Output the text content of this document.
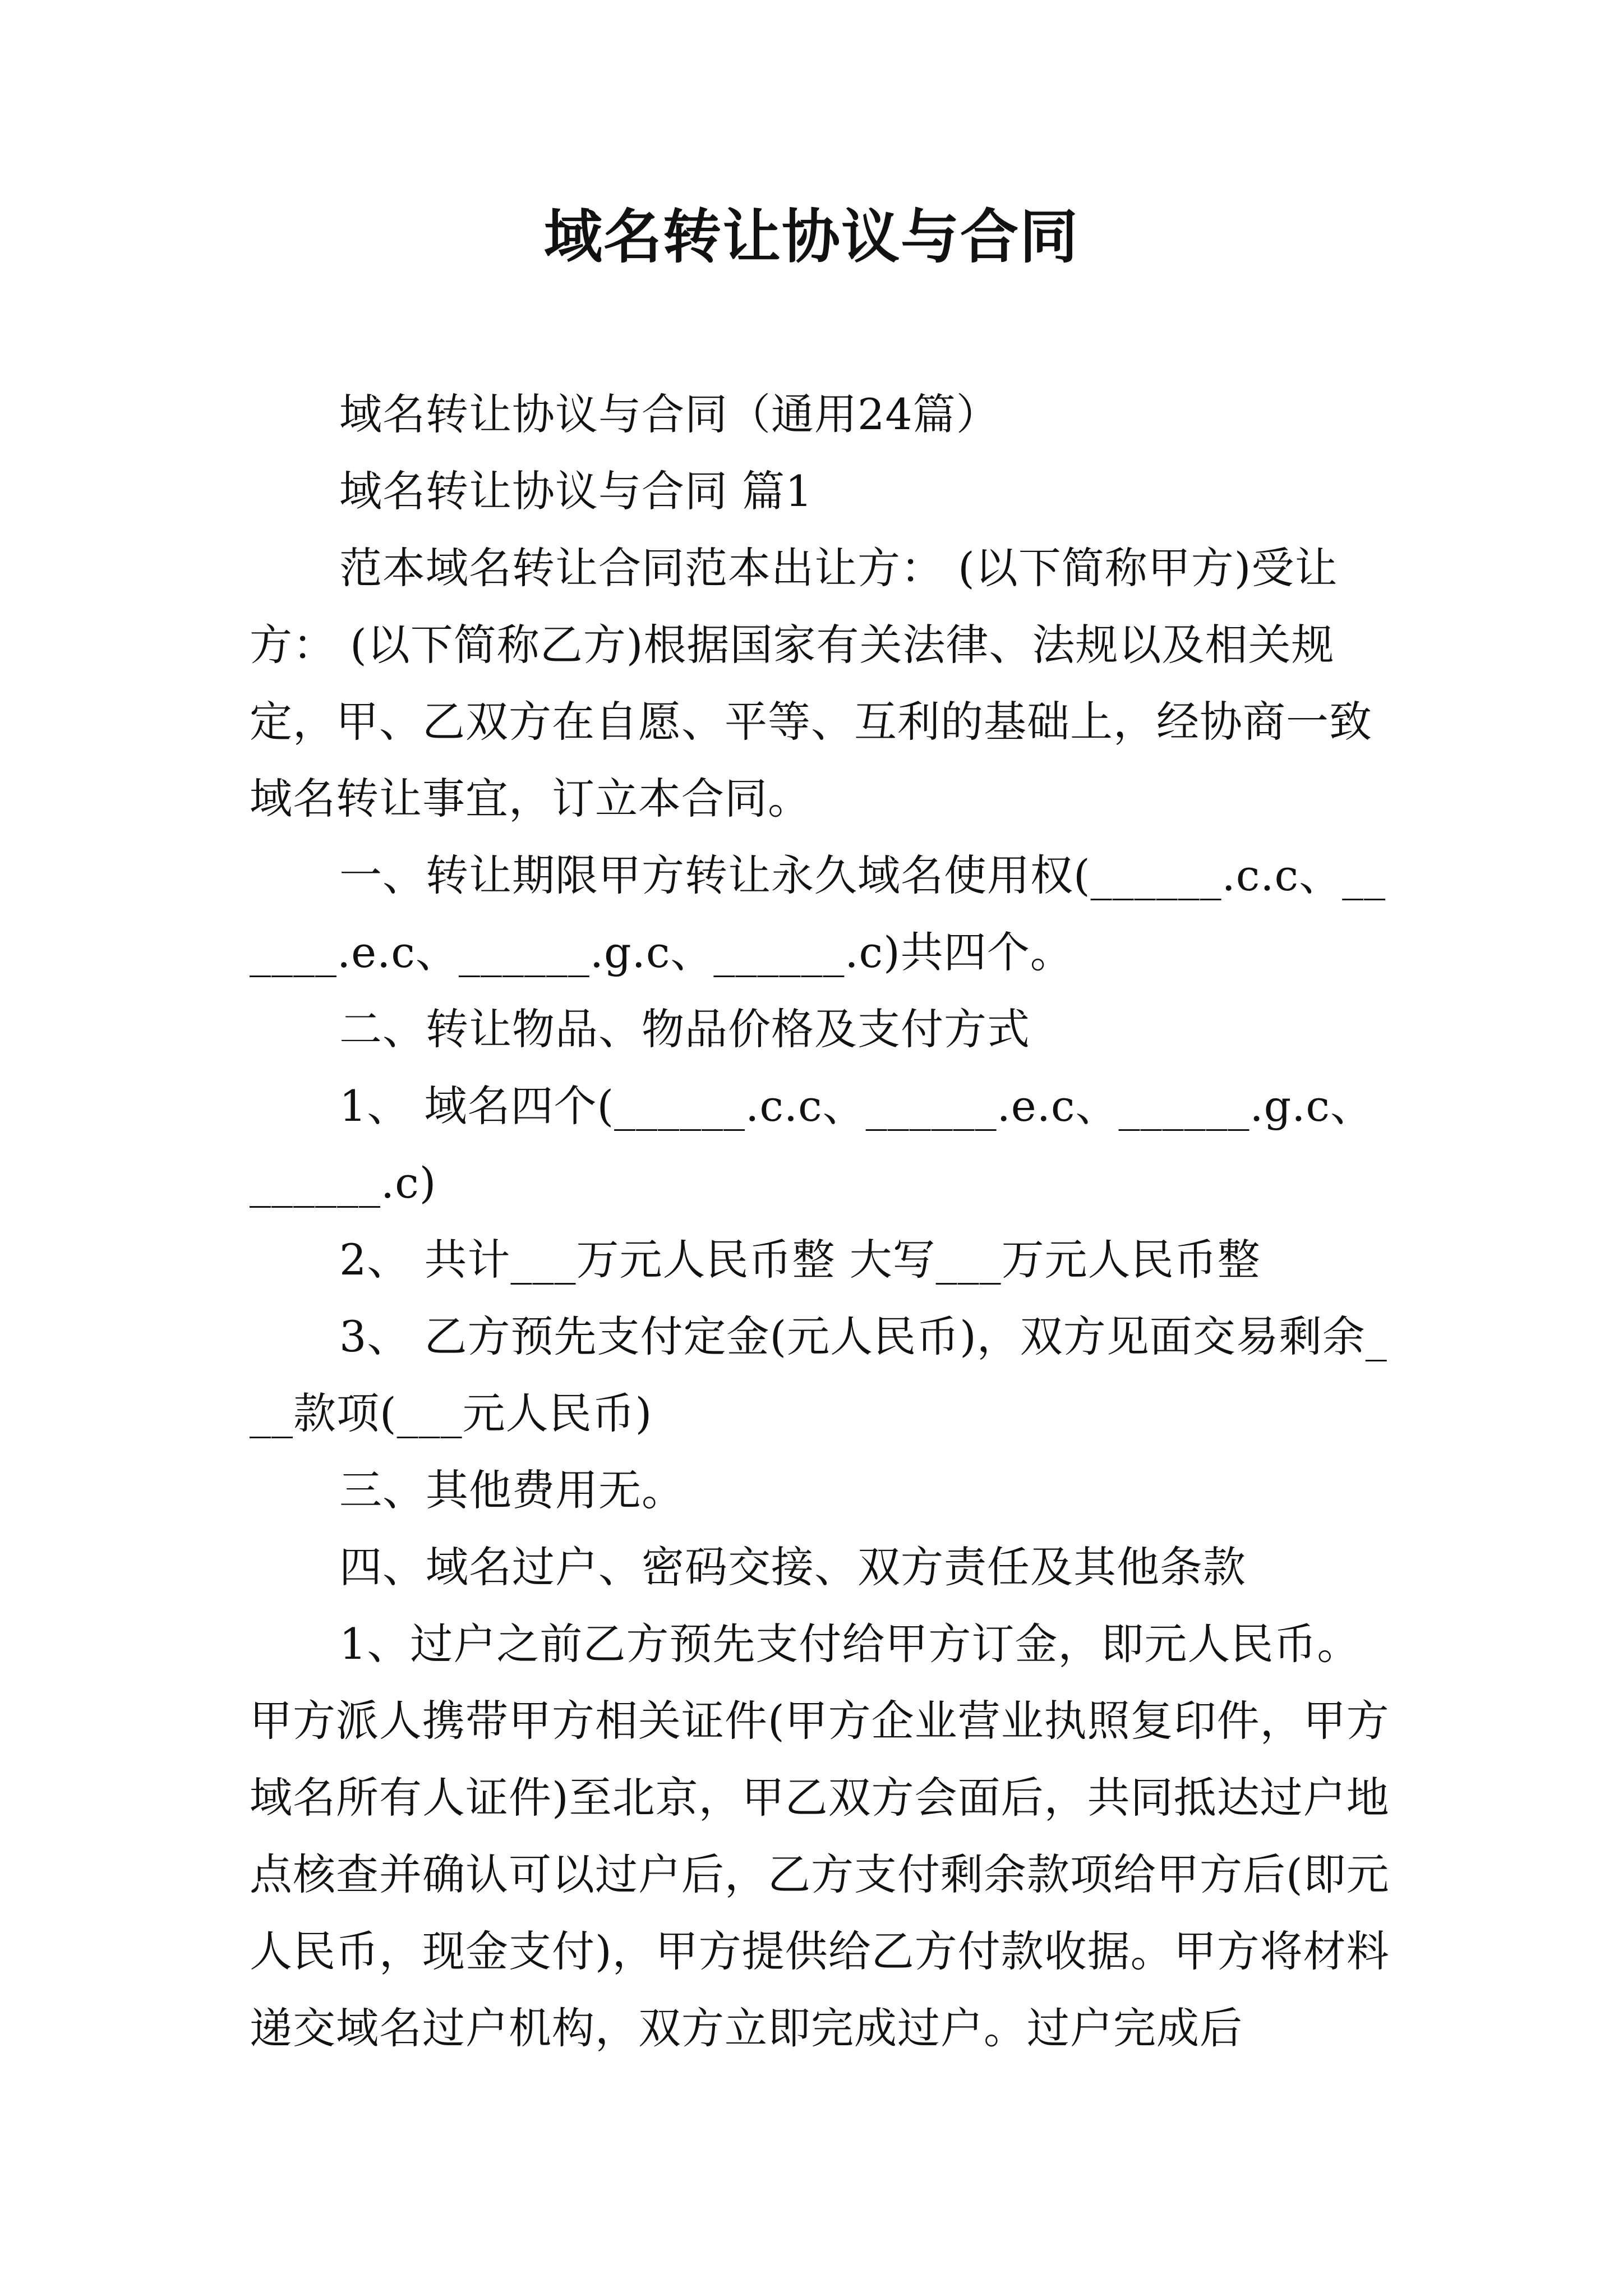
域名转让协议与合同

域名转让协议与合同（通用24篇）

域名转让协议与合同 篇1

范本域名转让合同范本出让方： (以下简称甲方)受让方： (以下简称乙方)根据国家有关法律、法规以及相关规定，甲、乙双方在自愿、平等、互利的基础上，经协商一致域名转让事宜，订立本合同。

一、转让期限甲方转让永久域名使用权(______.c.c、______.e.c、______.g.c、______.c)共四个。

二、转让物品、物品价格及支付方式

1、 域名四个(______.c.c、______.e.c、______.g.c、______.c)

2、 共计___万元人民币整 大写___万元人民币整

3、 乙方预先支付定金(元人民币)，双方见面交易剩余___款项(___元人民币)

三、其他费用无。

四、域名过户、密码交接、双方责任及其他条款

1、过户之前乙方预先支付给甲方订金，即元人民币。甲方派人携带甲方相关证件(甲方企业营业执照复印件，甲方域名所有人证件)至北京，甲乙双方会面后，共同抵达过户地点核查并确认可以过户后，乙方支付剩余款项给甲方后(即元人民币，现金支付)，甲方提供给乙方付款收据。甲方将材料递交域名过户机构，双方立即完成过户。过户完成后
